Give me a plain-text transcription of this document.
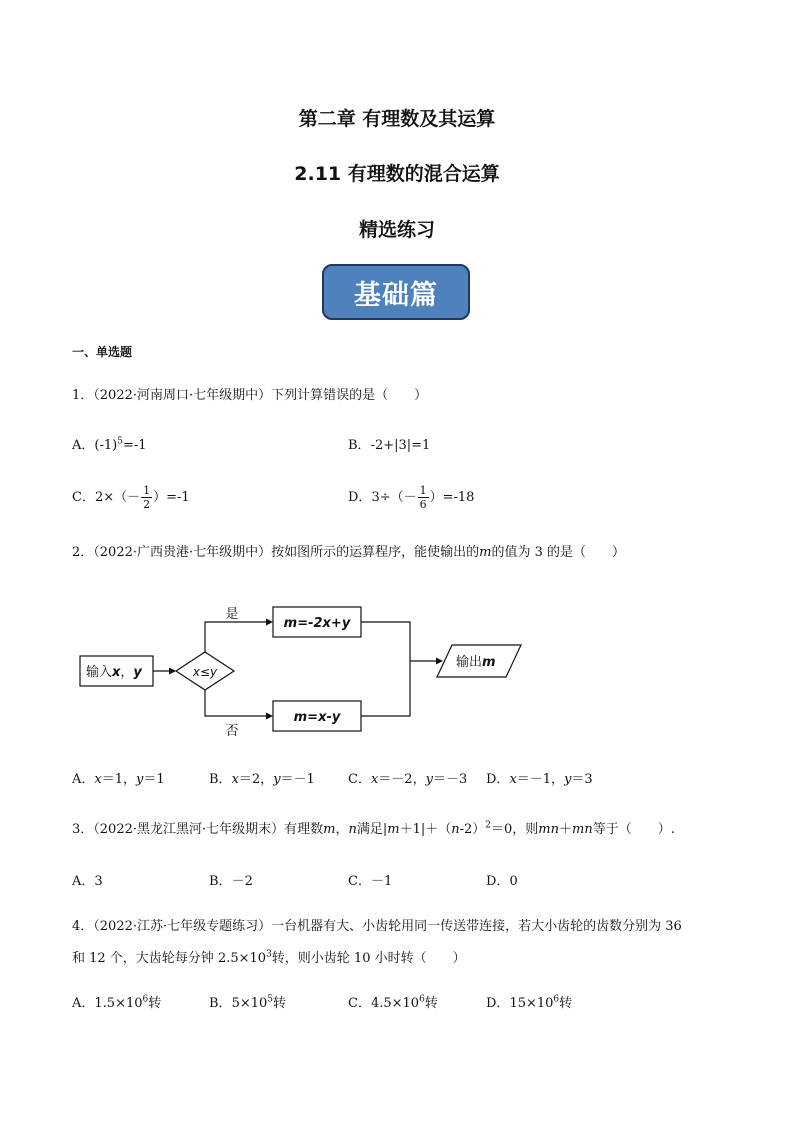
第二章 有理数及其运算
2.11 有理数的混合运算
精选练习
基础篇
一、单选题
1．（2022·河南周口·七年级期中）下列计算错误的是（　　）
A．$(-1)^5=-1$	B．-2+|3|=1
C．$2\times(- \frac{1}{2} )=-1$	D．$3\div(- \frac{1}{6} )=-18$
2．（2022·广西贵港·七年级期中）按如图所示的运算程序，能使输出的m的值为 3 的是（　　）
输入x，y	x≤y
是
否
m=-2x+y
m=x-y
输出m
A．x＝1，y＝1	B．x＝2，y＝－1	C．x＝－2，y＝－3 D．x＝－1，y＝3
3．（2022·黑龙江黑河·七年级期末）有理数m，n满足$|m+1|+(n-2)^2=0$，则mn＋mn等于（　　）.
A．3	B．－2	C．－1	D．0
4．（2022·江苏·七年级专题练习）一台机器有大、小齿轮用同一传送带连接，若大小齿轮的齿数分别为 36
和 12 个，大齿轮每分钟 $2.5\times 10^3$转，则小齿轮 10 小时转（　　）
A．$1.5\times 10^6$转	B．$5\times 10^5$转	C．$4.5\times 10^6$转	D．$15\times 10^6$转
